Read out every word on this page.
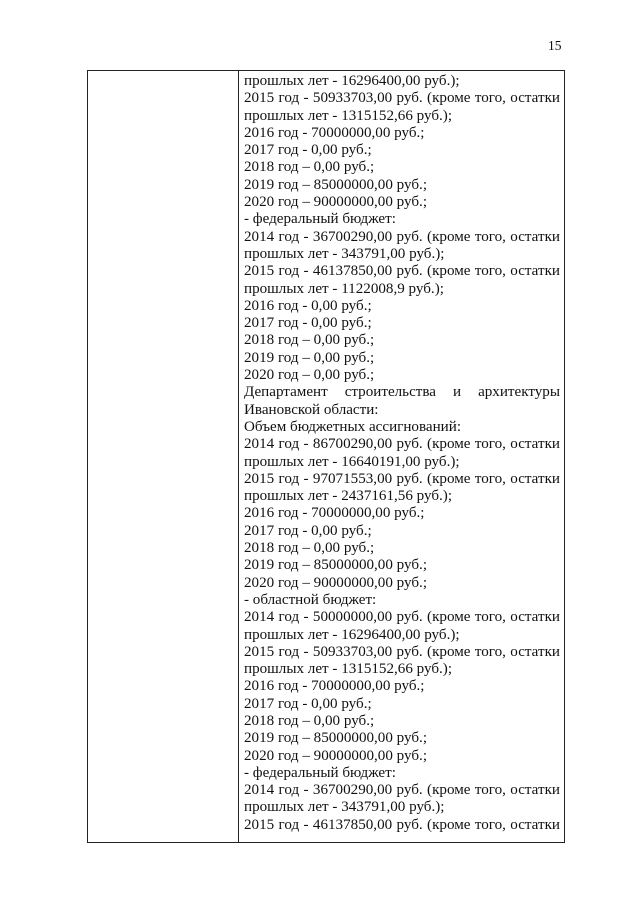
15
прошлых лет - 16296400,00 руб.);
2015 год - 50933703,00 руб. (кроме того, остатки
прошлых лет - 1315152,66 руб.);
2016 год - 70000000,00 руб.;
2017 год - 0,00 руб.;
2018 год – 0,00 руб.;
2019 год – 85000000,00 руб.;
2020 год – 90000000,00 руб.;
- федеральный бюджет:
2014 год - 36700290,00 руб. (кроме того, остатки
прошлых лет - 343791,00 руб.);
2015 год - 46137850,00 руб. (кроме того, остатки
прошлых лет - 1122008,9 руб.);
2016 год - 0,00 руб.;
2017 год - 0,00 руб.;
2018 год – 0,00 руб.;
2019 год – 0,00 руб.;
2020 год – 0,00 руб.;
Департамент строительства и архитектуры
Ивановской области:
Объем бюджетных ассигнований:
2014 год - 86700290,00 руб. (кроме того, остатки
прошлых лет - 16640191,00 руб.);
2015 год - 97071553,00 руб. (кроме того, остатки
прошлых лет - 2437161,56 руб.);
2016 год - 70000000,00 руб.;
2017 год - 0,00 руб.;
2018 год – 0,00 руб.;
2019 год – 85000000,00 руб.;
2020 год – 90000000,00 руб.;
- областной бюджет:
2014 год - 50000000,00 руб. (кроме того, остатки
прошлых лет - 16296400,00 руб.);
2015 год - 50933703,00 руб. (кроме того, остатки
прошлых лет - 1315152,66 руб.);
2016 год - 70000000,00 руб.;
2017 год - 0,00 руб.;
2018 год – 0,00 руб.;
2019 год – 85000000,00 руб.;
2020 год – 90000000,00 руб.;
- федеральный бюджет:
2014 год - 36700290,00 руб. (кроме того, остатки
прошлых лет - 343791,00 руб.);
2015 год - 46137850,00 руб. (кроме того, остатки
